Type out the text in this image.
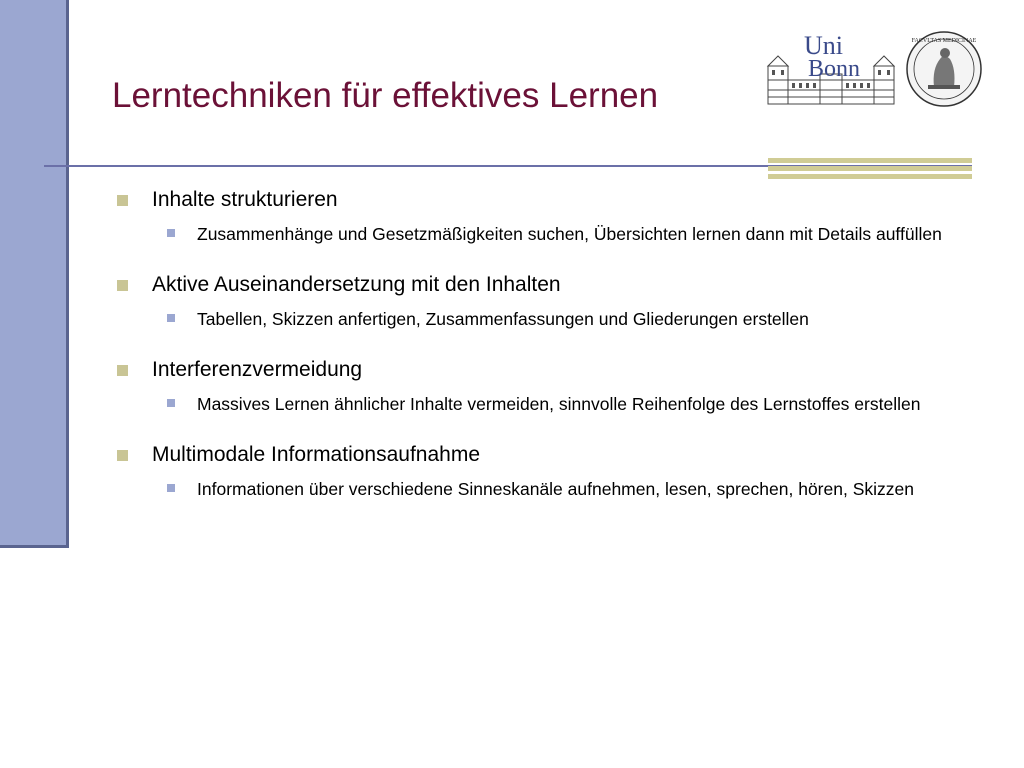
Lerntechniken für effektives Lernen
Uni
Bonn
FACVLTAS MEDICINAE
Inhalte strukturieren
Zusammenhänge und Gesetzmäßigkeiten suchen, Übersichten lernen dann mit Details auffüllen
Aktive Auseinandersetzung mit den Inhalten
Tabellen, Skizzen anfertigen, Zusammenfassungen und Gliederungen erstellen
Interferenzvermeidung
Massives Lernen ähnlicher Inhalte vermeiden, sinnvolle Reihenfolge des Lernstoffes erstellen
Multimodale Informationsaufnahme
Informationen über verschiedene Sinneskanäle aufnehmen, lesen, sprechen, hören, Skizzen
